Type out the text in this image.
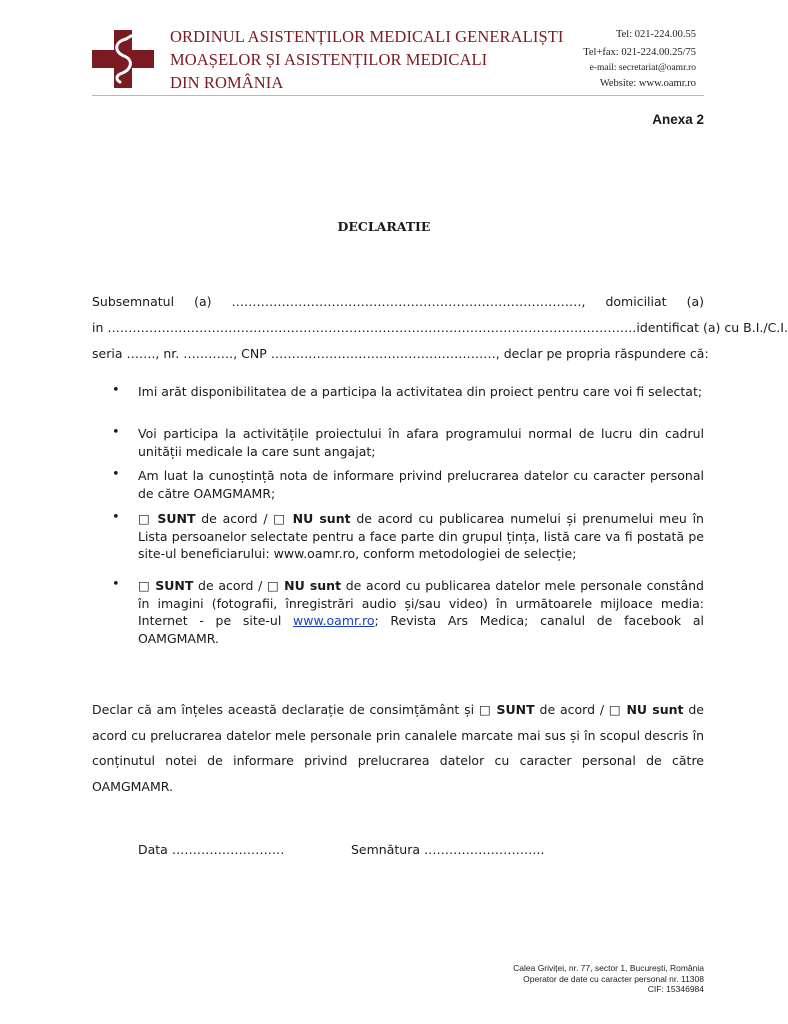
ORDINUL ASISTENȚILOR MEDICALI GENERALIȘTI
MOAȘELOR ȘI ASISTENȚILOR MEDICALI
DIN ROMÂNIA
Tel: 021-224.00.55
Tel+fax: 021-224.00.25/75
e-mail: secretariat@oamr.ro
Website: www.oamr.ro
Anexa 2
DECLARATIE
Subsemnatul (a) …………………………………………………………………………, domiciliat (a)
in ………………………………………………………………………………………………………………. identificat (a) cu B.I./C.I.
seria ……., nr. …………, CNP ………………………………………………, declar pe propria răspundere că:
• Imi arăt disponibilitatea de a participa la activitatea din proiect pentru care voi fi selectat;
• Voi participa la activitățile proiectului în afara programului normal de lucru din cadrul unității medicale la care sunt angajat;
• Am luat la cunoștință nota de informare privind prelucrarea datelor cu caracter personal de către OAMGMAMR;
• □ SUNT de acord / □ NU sunt de acord cu publicarea numelui și prenumelui meu în Lista persoanelor selectate pentru a face parte din grupul țința, listă care va fi postată pe site-ul beneficiarului: www.oamr.ro, conform metodologiei de selecție;
• □ SUNT de acord / □ NU sunt de acord cu publicarea datelor mele personale constând în imagini (fotografii, înregistrări audio și/sau video) în următoarele mijloace media: Internet - pe site-ul www.oamr.ro; Revista Ars Medica; canalul de facebook al OAMGMAMR.
Declar că am înțeles această declarație de consimțământ și □ SUNT de acord / □ NU sunt de acord cu prelucrarea datelor mele personale prin canalele marcate mai sus și în scopul descris în conținutul notei de informare privind prelucrarea datelor cu caracter personal de către OAMGMAMR.
Data ………………………	Semnătura ………………………..
Calea Griviței, nr. 77, sector 1, București, România
Operator de date cu caracter personal nr. 11308
CIF: 15346984
